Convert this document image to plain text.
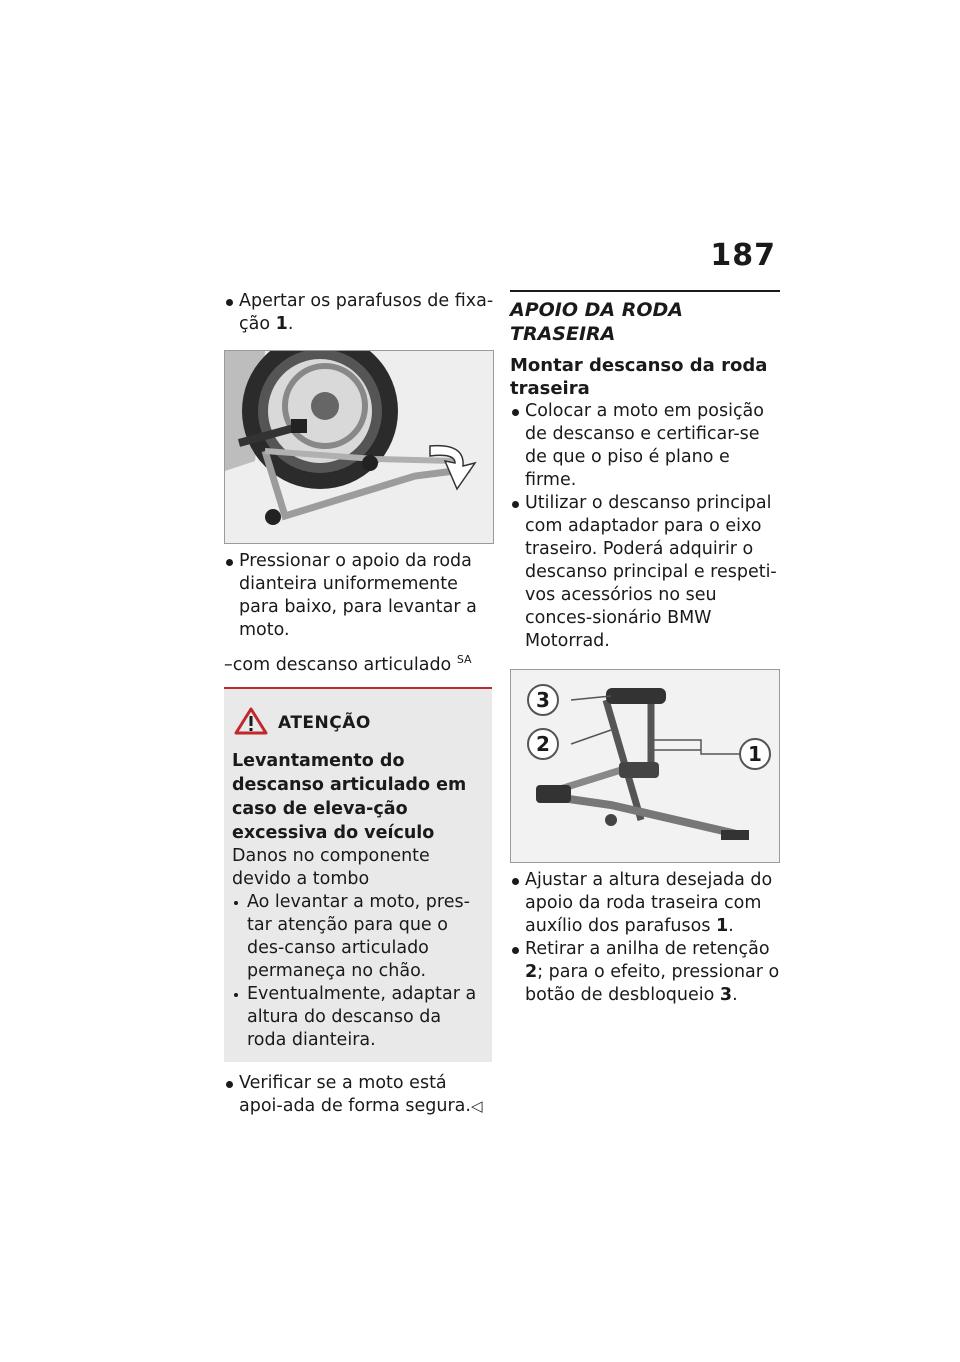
187

Apertar os parafusos de fixa-ção 1.

Pressionar o apoio da roda dianteira uniformemente para baixo, para levantar a moto.

–com descanso articulado $^{SA}$

ATENÇÃO

Levantamento do descanso articulado em caso de eleva-ção excessiva do veículo

Danos no componente devido a tombo

Ao levantar a moto, pres-tar atenção para que o des-canso articulado permaneça no chão.

Eventualmente, adaptar a altura do descanso da roda dianteira.

Verificar se a moto está apoi-ada de forma segura.◁

APOIO DA RODA TRASEIRA
Montar descanso da roda traseira

Colocar a moto em posição de descanso e certificar-se de que o piso é plano e firme.

Utilizar o descanso principal com adaptador para o eixo traseiro. Poderá adquirir o descanso principal e respeti-vos acessórios no seu conces-sionário BMW Motorrad.

3
2	1

Ajustar a altura desejada do apoio da roda traseira com auxílio dos parafusos 1.

Retirar a anilha de retenção 2; para o efeito, pressionar o botão de desbloqueio 3.
